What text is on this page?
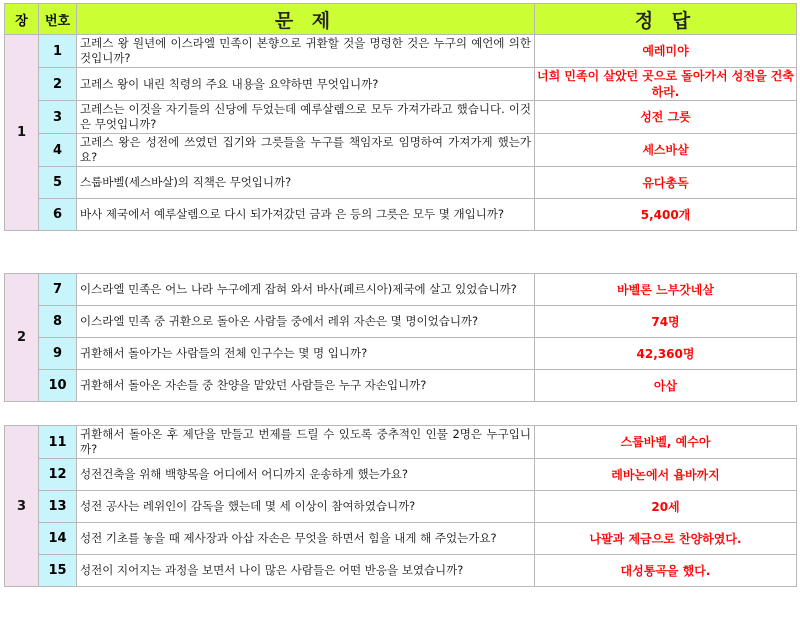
장	번호	문 제	정 답
1	1	고레스 왕 원년에 이스라엘 민족이 본향으로 귀환할 것을 명령한 것은 누구의 예언에 의한 것입니까?	예레미야
	2	고레스 왕이 내린 칙령의 주요 내용을 요약하면 무엇입니까?	너희 민족이 살았던 곳으로 돌아가서 성전을 건축하라.
	3	고레스는 이것을 자기들의 신당에 두었는데 예루살렘으로 모두 가져가라고 했습니다. 이것은 무엇입니까?	성전 그릇
	4	고레스 왕은 성전에 쓰였던 집기와 그릇들을 누구를 책임자로 임명하여 가져가게 했는가요?	세스바살
	5	스룹바벨(세스바살)의 직책은 무엇입니까?	유다총독
	6	바사 제국에서 예루살렘으로 다시 되가져갔던 금과 은 등의 그릇은 모두 몇 개입니까?	5,400개
2	7	이스라엘 민족은 어느 나라 누구에게 잡혀 와서 바사(페르시아)제국에 살고 있었습니까?	바벨론 느부갓네살
	8	이스라엘 민족 중 귀환으로 돌아온 사람들 중에서 레위 자손은 몇 명이었습니까?	74명
	9	귀환해서 돌아가는 사람들의 전체 인구수는 몇 명 입니까?	42,360명
	10	귀환해서 돌아온 자손들 중 찬양을 맡았던 사람들은 누구 자손입니까?	아삽
3	11	귀환해서 돌아온 후 제단을 만들고 번제를 드릴 수 있도록 중추적인 인물 2명은 누구입니까?	스룹바벨, 예수아
	12	성전건축을 위해 백향목을 어디에서 어디까지 운송하게 했는가요?	레바논에서 욥바까지
	13	성전 공사는 레위인이 감독을 했는데 몇 세 이상이 참여하였습니까?	20세
	14	성전 기초를 놓을 때 제사장과 아삽 자손은 무엇을 하면서 힘을 내게 해 주었는가요?	나팔과 제금으로 찬양하였다.
	15	성전이 지어지는 과정을 보면서 나이 많은 사람들은 어떤 반응을 보였습니까?	대성통곡을 했다.
